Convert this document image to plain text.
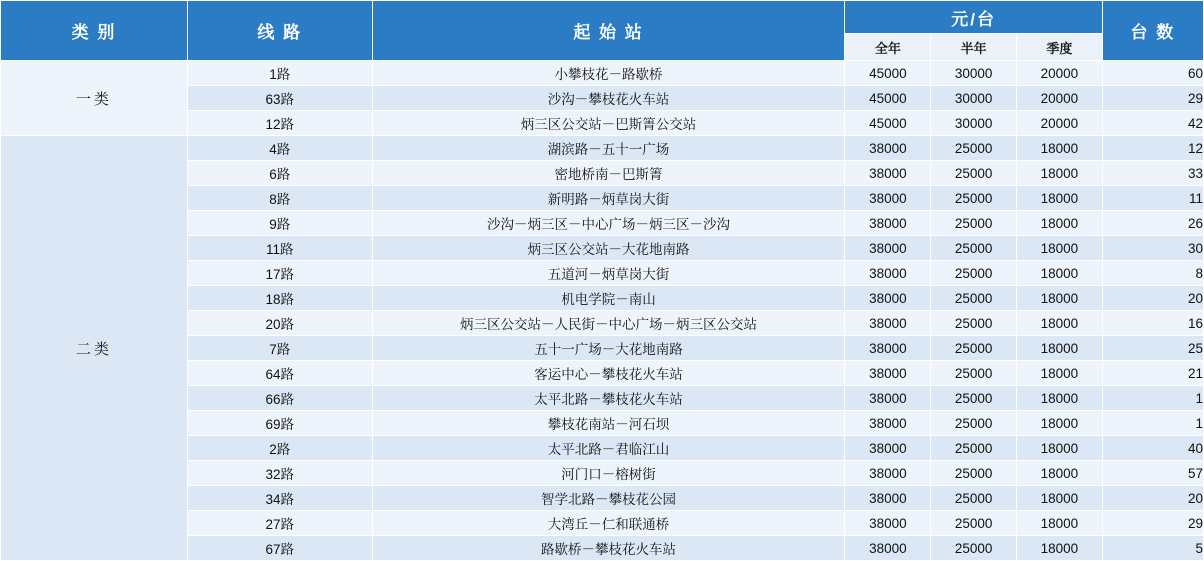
类 别	线 路	起 始 站	元/台			台 数
			全年	半年	季度	
一类	1路	小攀枝花－路歇桥	45000	30000	20000	60
	63路	沙沟－攀枝花火车站	45000	30000	20000	29
	12路	炳三区公交站－巴斯箐公交站	45000	30000	20000	42
二类	4路	湖滨路－五十一广场	38000	25000	18000	12
	6路	密地桥南－巴斯箐	38000	25000	18000	33
	8路	新明路－炳草岗大街	38000	25000	18000	11
	9路	沙沟－炳三区－中心广场－炳三区－沙沟	38000	25000	18000	26
	11路	炳三区公交站－大花地南路	38000	25000	18000	30
	17路	五道河－炳草岗大街	38000	25000	18000	8
	18路	机电学院－南山	38000	25000	18000	20
	20路	炳三区公交站－人民街－中心广场－炳三区公交站	38000	25000	18000	16
	7路	五十一广场－大花地南路	38000	25000	18000	25
	64路	客运中心－攀枝花火车站	38000	25000	18000	21
	66路	太平北路－攀枝花火车站	38000	25000	18000	1
	69路	攀枝花南站－河石坝	38000	25000	18000	1
	2路	太平北路－君临江山	38000	25000	18000	40
	32路	河门口－榕树街	38000	25000	18000	57
	34路	智学北路－攀枝花公园	38000	25000	18000	20
	27路	大湾丘－仁和联通桥	38000	25000	18000	29
	67路	路歇桥－攀枝花火车站	38000	25000	18000	5
